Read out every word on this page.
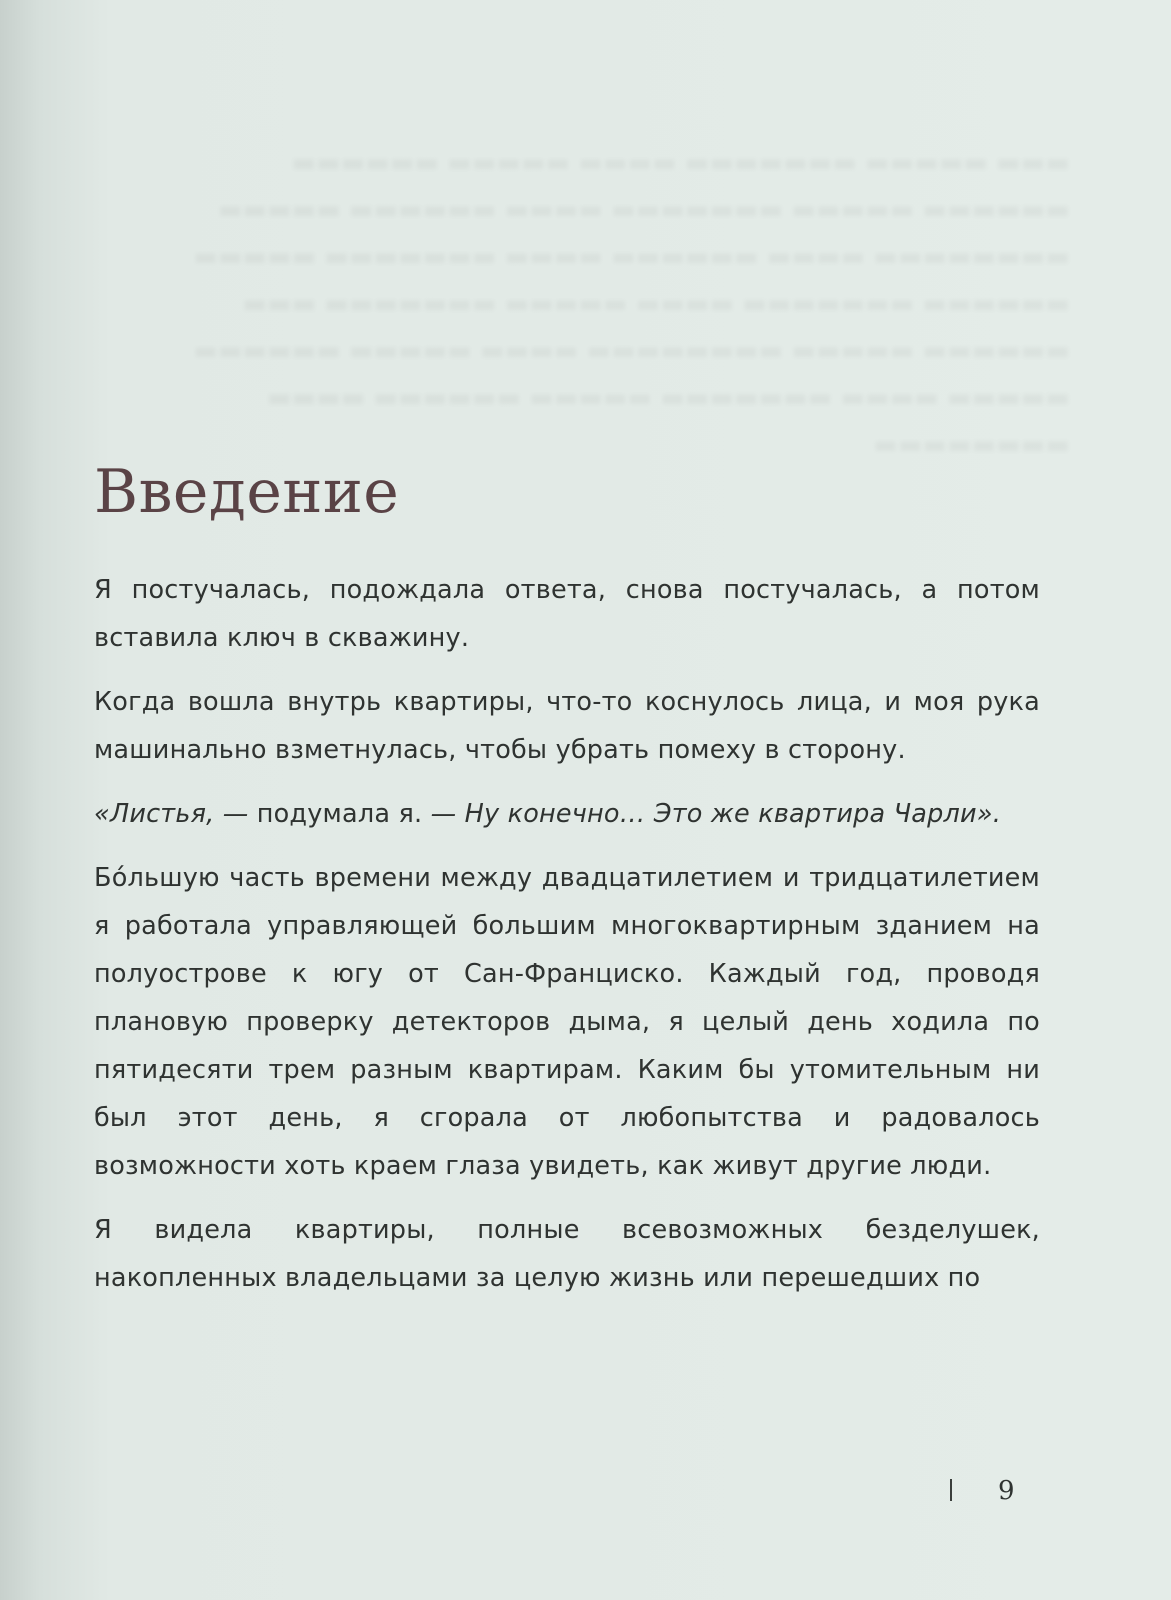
▬▬▬ ▬▬▬▬▬ ▬▬▬▬▬▬▬ ▬▬▬▬ ▬▬▬▬▬ ▬▬▬▬▬▬ ▬▬▬▬▬▬ ▬▬▬▬▬ ▬▬▬▬▬▬▬ ▬▬▬▬ ▬▬▬▬▬▬ ▬▬▬▬▬ ▬▬▬▬▬▬▬▬ ▬▬▬▬ ▬▬▬▬▬▬ ▬▬▬▬ ▬▬▬▬▬▬▬ ▬▬▬▬▬ ▬▬▬▬▬▬ ▬▬▬▬▬▬▬ ▬▬▬▬ ▬▬▬▬▬ ▬▬▬▬▬▬▬ ▬▬▬ ▬▬▬▬▬▬ ▬▬▬▬▬ ▬▬▬▬▬▬▬▬ ▬▬▬▬ ▬▬▬▬▬ ▬▬▬▬▬▬ ▬▬▬▬▬ ▬▬▬▬ ▬▬▬▬▬▬▬ ▬▬▬▬▬ ▬▬▬▬▬▬ ▬▬▬▬ ▬▬▬▬▬▬▬▬
Введение

Я постучалась, подождала ответа, снова постучалась, а потом вставила ключ в скважину.

Когда вошла внутрь квартиры, что-то коснулось лица, и моя рука машинально взметнулась, чтобы убрать помеху в сторону.

«Листья, — подумала я. — Ну конечно… Это же квартира Чарли».

Бóльшую часть времени между двадцатилетием и тридцатилетием я работала управляющей большим многоквартирным зданием на полуострове к югу от Сан-Франциско. Каждый год, проводя плановую проверку детекторов дыма, я целый день ходила по пятидесяти трем разным квартирам. Каким бы утомительным ни был этот день, я сгорала от любопытства и радовалось возможности хоть краем глаза увидеть, как живут другие люди.

Я видела квартиры, полные всевозможных безделушек, накопленных владельцами за целую жизнь или перешедших по

9
